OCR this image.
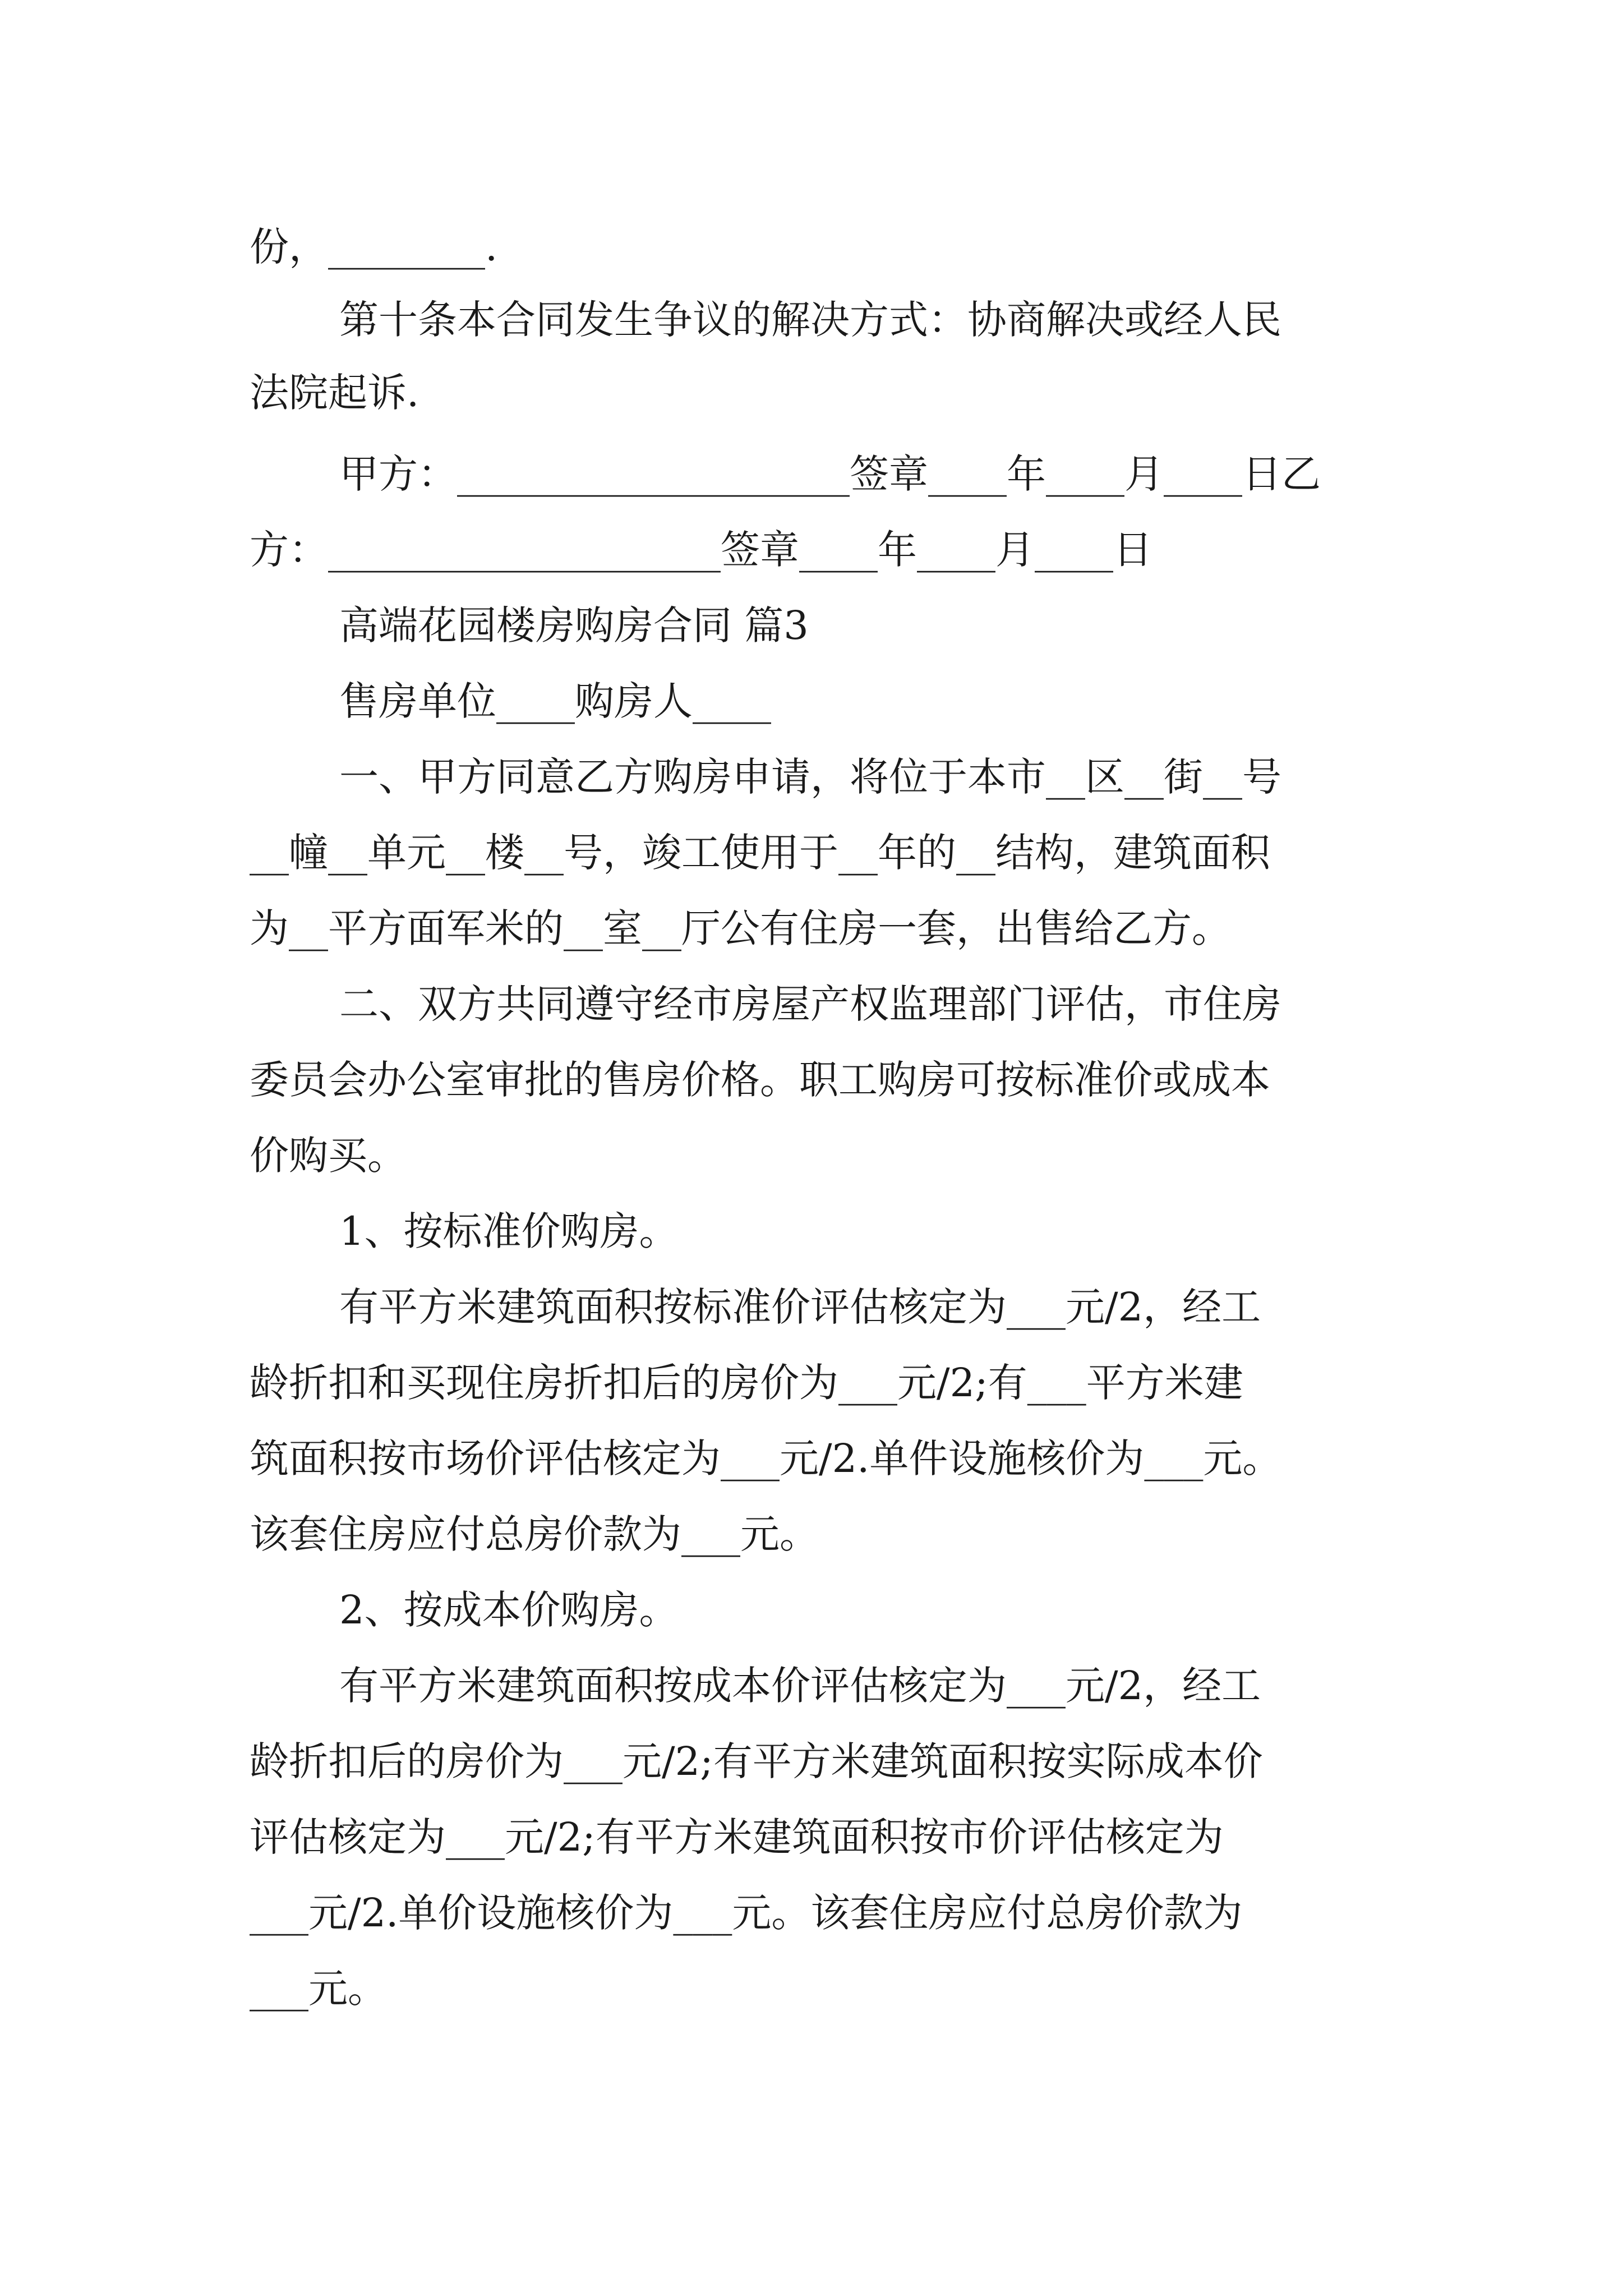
份，________.

第十条本合同发生争议的解决方式：协商解决或经人民

法院起诉.

甲方：____________________签章____年____月____日乙

方：____________________签章____年____月____日

高端花园楼房购房合同 篇3

售房单位____购房人____

一、甲方同意乙方购房申请，将位于本市__区__街__号

__幢__单元__楼__号，竣工使用于__年的__结构，建筑面积

为__平方面军米的__室__厅公有住房一套，出售给乙方。

二、双方共同遵守经市房屋产权监理部门评估，市住房

委员会办公室审批的售房价格。职工购房可按标准价或成本

价购买。

1、按标准价购房。

有平方米建筑面积按标准价评估核定为___元/2，经工

龄折扣和买现住房折扣后的房价为___元/2;有___平方米建

筑面积按市场价评估核定为___元/2.单件设施核价为___元。

该套住房应付总房价款为___元。

2、按成本价购房。

有平方米建筑面积按成本价评估核定为___元/2，经工

龄折扣后的房价为___元/2;有平方米建筑面积按实际成本价

评估核定为___元/2;有平方米建筑面积按市价评估核定为

___元/2.单价设施核价为___元。该套住房应付总房价款为

___元。
